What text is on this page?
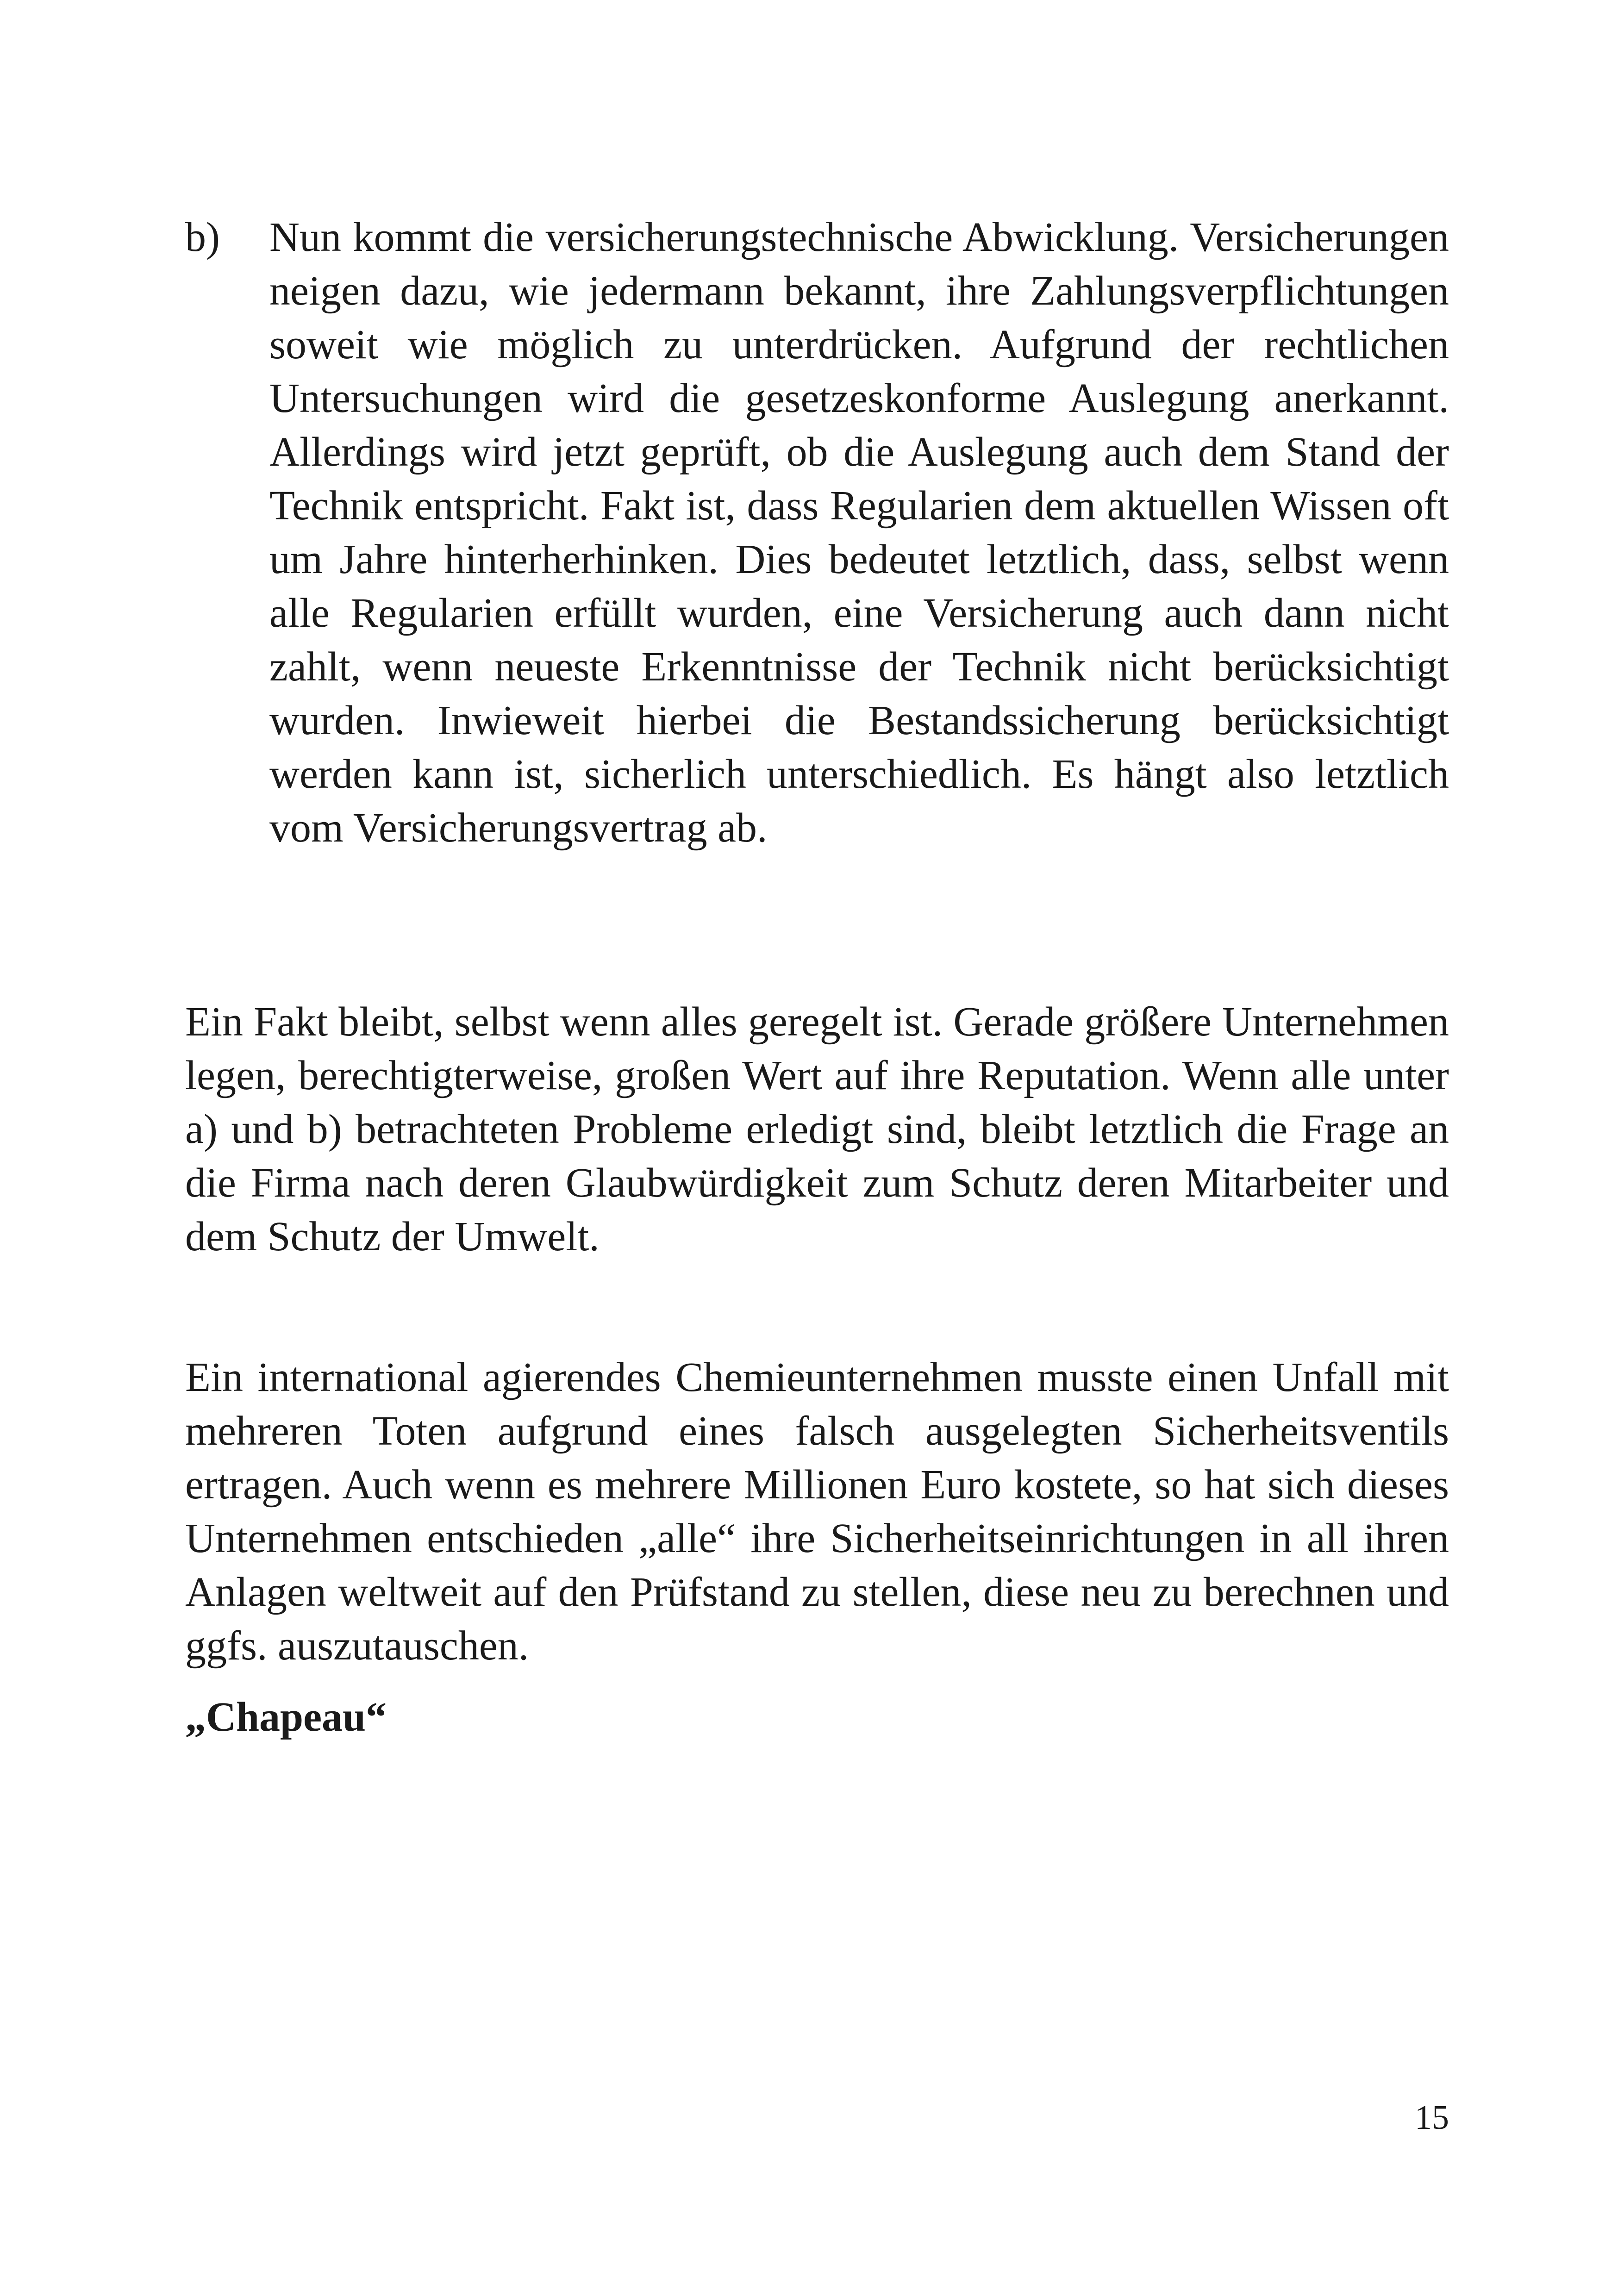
b)	Nun kommt die versicherungstechnische Abwicklung. Versicherungen neigen dazu, wie jedermann bekannt, ihre Zahlungsverpflichtungen soweit wie möglich zu unterdrücken. Aufgrund der rechtlichen Untersuchungen wird die gesetzeskonforme Auslegung anerkannt. Allerdings wird jetzt geprüft, ob die Auslegung auch dem Stand der Technik entspricht. Fakt ist, dass Regularien dem aktuellen Wissen oft um Jahre hinterherhinken. Dies bedeutet letztlich, dass, selbst wenn alle Regularien erfüllt wurden, eine Versicherung auch dann nicht zahlt, wenn neueste Erkenntnisse der Technik nicht berücksichtigt wurden. Inwieweit hierbei die Bestandssicherung berücksichtigt werden kann ist, sicherlich unterschiedlich. Es hängt also letztlich vom Versicherungsvertrag ab.

Ein Fakt bleibt, selbst wenn alles geregelt ist. Gerade größere Unternehmen legen, berechtigterweise, großen Wert auf ihre Reputation. Wenn alle unter a) und b) betrachteten Probleme erledigt sind, bleibt letztlich die Frage an die Firma nach deren Glaubwürdigkeit zum Schutz deren Mitarbeiter und dem Schutz der Umwelt.

Ein international agierendes Chemieunternehmen musste einen Unfall mit mehreren Toten aufgrund eines falsch ausgelegten Sicherheitsventils ertragen. Auch wenn es mehrere Millionen Euro kostete, so hat sich dieses Unternehmen entschieden „alle“ ihre Sicherheitseinrichtungen in all ihren Anlagen weltweit auf den Prüfstand zu stellen, diese neu zu berechnen und ggfs. auszutauschen.

„Chapeau“
15
